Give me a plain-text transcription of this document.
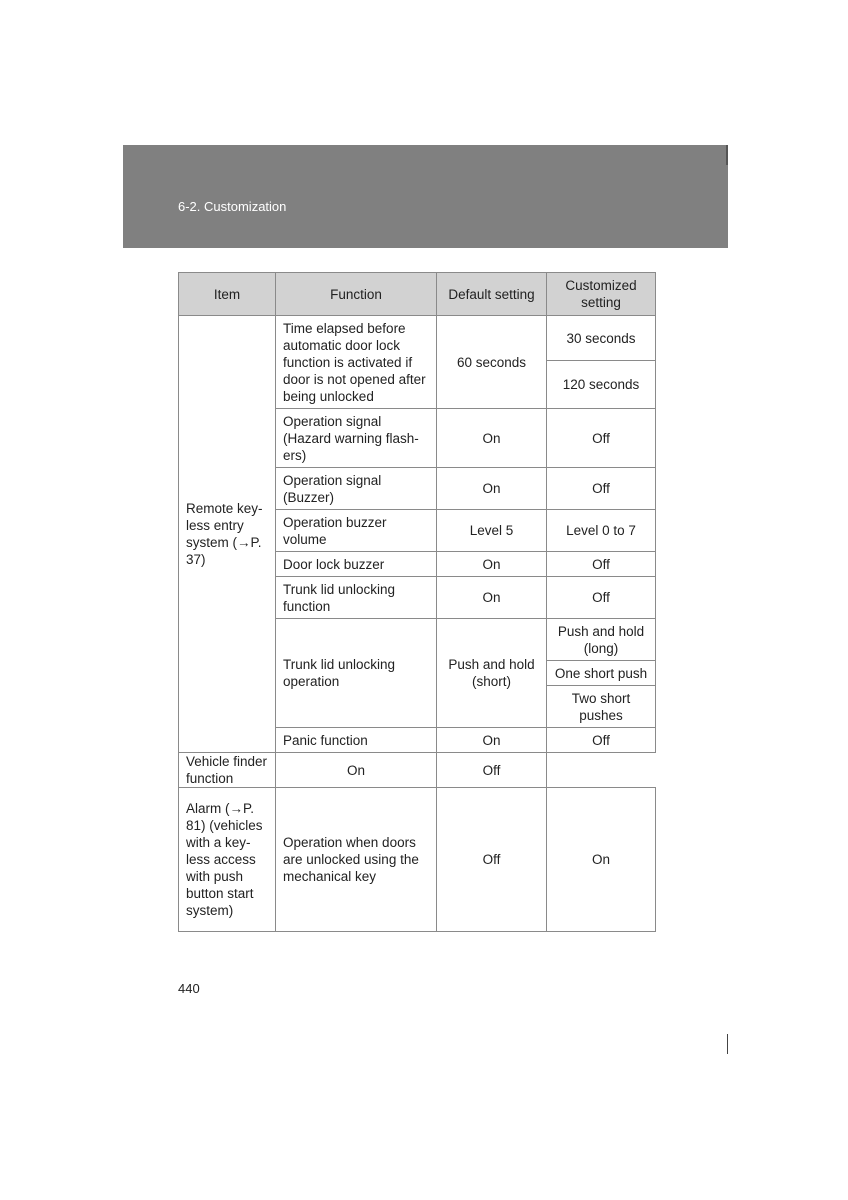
6-2. Customization
Item	Function	Default setting	Customized setting
Remote key-less entry system (→P. 37)	Time elapsed before automatic door lock function is activated if door is not opened after being unlocked	60 seconds	30 seconds
			120 seconds
	Operation signal (Hazard warning flash-ers)	On	Off
	Operation signal (Buzzer)	On	Off
	Operation buzzer volume	Level 5	Level 0 to 7
	Door lock buzzer	On	Off
	Trunk lid unlocking function	On	Off
	Trunk lid unlocking operation	Push and hold (short)	Push and hold (long)
			One short push
			Two short pushes
	Panic function	On	Off
Vehicle finder function	On	Off	
Alarm (→P. 81) (vehicles with a key-less access with push button start system)	Operation when doors are unlocked using the mechanical key	Off	On
440
